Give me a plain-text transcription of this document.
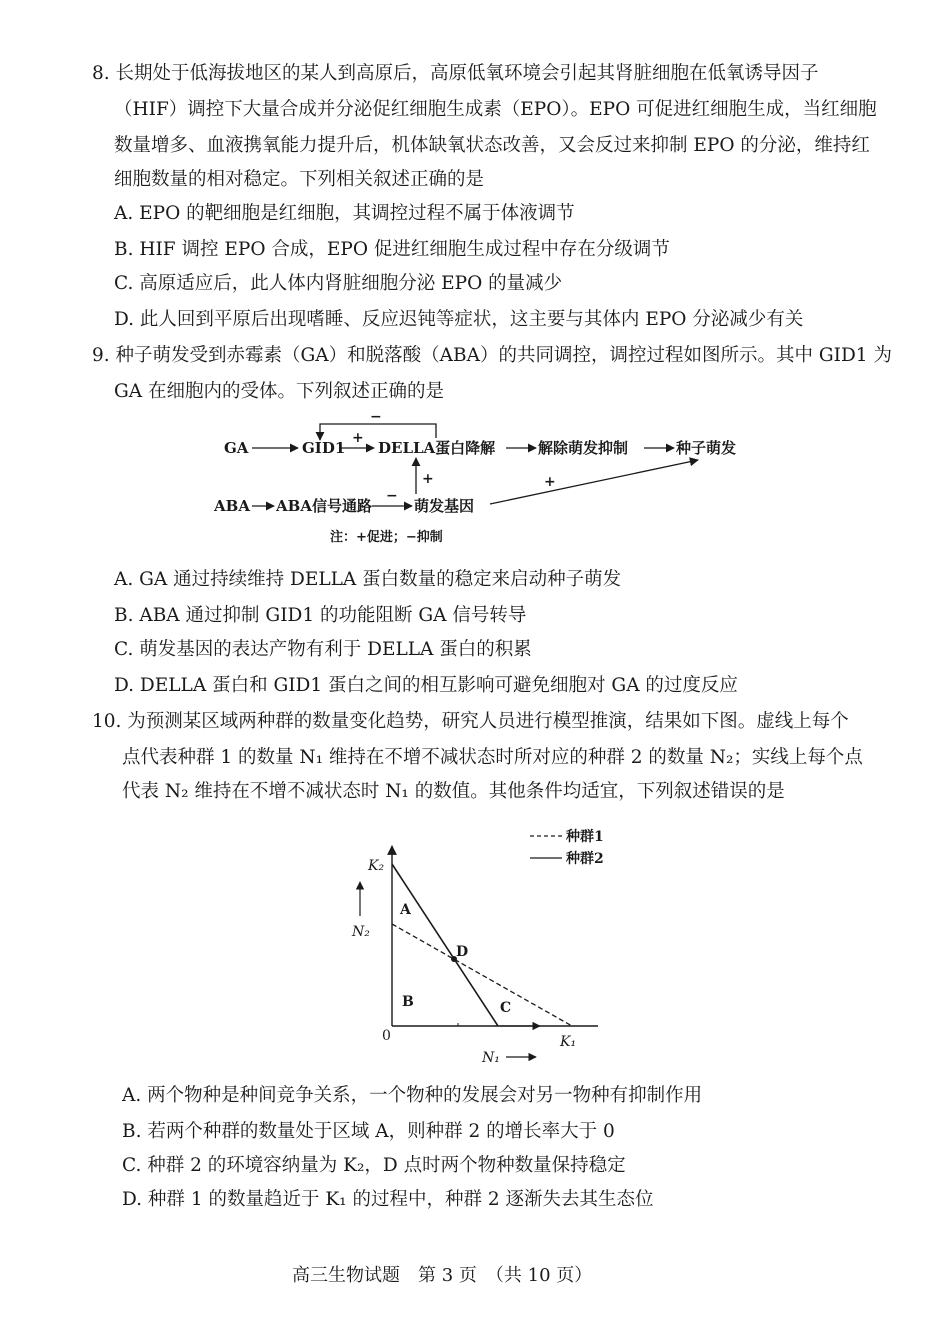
8. 长期处于低海拔地区的某人到高原后，高原低氧环境会引起其肾脏细胞在低氧诱导因子
（HIF）调控下大量合成并分泌促红细胞生成素（EPO）。EPO 可促进红细胞生成，当红细胞
数量增多、血液携氧能力提升后，机体缺氧状态改善，又会反过来抑制 EPO 的分泌，维持红
细胞数量的相对稳定。下列相关叙述正确的是
A. EPO 的靶细胞是红细胞，其调控过程不属于体液调节
B. HIF 调控 EPO 合成，EPO 促进红细胞生成过程中存在分级调节
C. 高原适应后，此人体内肾脏细胞分泌 EPO 的量减少
D. 此人回到平原后出现嗜睡、反应迟钝等症状，这主要与其体内 EPO 分泌减少有关
9. 种子萌发受到赤霉素（GA）和脱落酸（ABA）的共同调控，调控过程如图所示。其中 GID1 为
GA 在细胞内的受体。下列叙述正确的是
GA	GID1
+
DELLA蛋白降解	解除萌发抑制	种子萌发
−
ABA ABA信号通路
−
萌发基因
+	+
注：+促进；−抑制
A. GA 通过持续维持 DELLA 蛋白数量的稳定来启动种子萌发
B. ABA 通过抑制 GID1 的功能阻断 GA 信号转导
C. 萌发基因的表达产物有利于 DELLA 蛋白的积累
D. DELLA 蛋白和 GID1 蛋白之间的相互影响可避免细胞对 GA 的过度反应
10. 为预测某区域两种群的数量变化趋势，研究人员进行模型推演，结果如下图。虚线上每个
点代表种群 1 的数量 N₁ 维持在不增不减状态时所对应的种群 2 的数量 N₂；实线上每个点
代表 N₂ 维持在不增不减状态时 N₁ 的数值。其他条件均适宜，下列叙述错误的是
种群1
种群2
K₂
K₁
0
A
B	C
D
N₂
N₁
A. 两个物种是种间竞争关系，一个物种的发展会对另一物种有抑制作用
B. 若两个种群的数量处于区域 A，则种群 2 的增长率大于 0
C. 种群 2 的环境容纳量为 K₂，D 点时两个物种数量保持稳定
D. 种群 1 的数量趋近于 K₁ 的过程中，种群 2 逐渐失去其生态位
高三生物试题　第 3 页　（共 10 页）
